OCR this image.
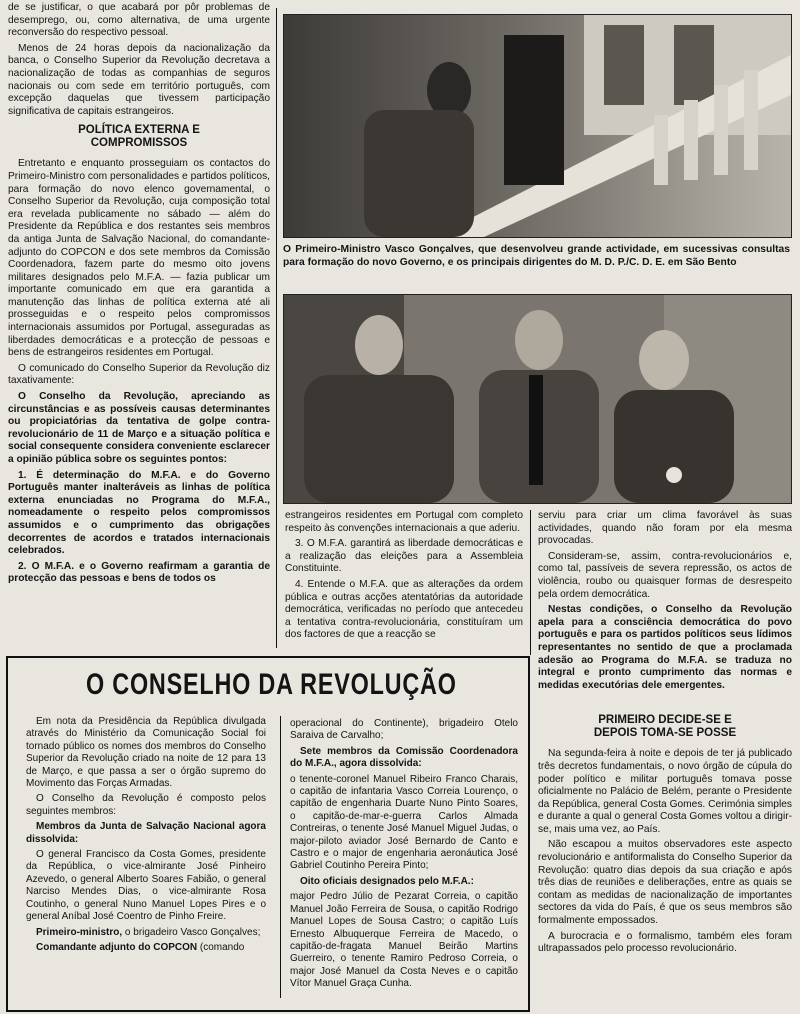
de se justificar, o que acabará por pôr problemas de desemprego, ou, como alternativa, de uma urgente reconversão do respectivo pessoal.

Menos de 24 horas depois da nacionalização da banca, o Conselho Superior da Revolução decretava a nacionalização de todas as companhias de seguros nacionais ou com sede em território português, com excepção daquelas que tivessem participação significativa de capitais estrangeiros.

POLÍTICA EXTERNA E COMPROMISSOS

Entretanto e enquanto prosseguiam os contactos do Primeiro-Ministro com personalidades e partidos políticos, para formação do novo elenco governamental, o Conselho Superior da Revolução, cuja composição total era revelada publicamente no sábado — além do Presidente da República e dos restantes seis membros da antiga Junta de Salvação Nacional, do comandante-adjunto do COPCON e dos sete membros da Comissão Coordenadora, fazem parte do mesmo oito jovens militares designados pelo M.F.A. — fazia publicar um importante comunicado em que era garantida a manutenção das linhas de política externa até ali prosseguidas e o respeito pelos compromissos internacionais assumidos por Portugal, asseguradas as liberdades democráticas e a protecção de pessoas e bens de estrangeiros residentes em Portugal.

O comunicado do Conselho Superior da Revolução diz taxativamente:

O Conselho da Revolução, apreciando as circunstâncias e as possíveis causas determinantes ou propiciatórias da tentativa de golpe contra-revolucionário de 11 de Março e a situação política e social consequente considera conveniente esclarecer a opinião pública sobre os seguintes pontos:

1. É determinação do M.F.A. e do Governo Português manter inalteráveis as linhas de política externa enunciadas no Programa do M.F.A., nomeadamente o respeito pelos compromissos assumidos e o cumprimento das obrigações decorrentes de acordos e tratados internacionais celebrados.

2. O M.F.A. e o Governo reafirmam a garantia de protecção das pessoas e bens de todos os

O Primeiro-Ministro Vasco Gonçalves, que desenvolveu grande actividade, em sucessivas consultas para formação do novo Governo, e os principais dirigentes do M. D. P./C. D. E. em São Bento

estrangeiros residentes em Portugal com completo respeito às convenções internacionais a que aderiu.

3. O M.F.A. garantirá as liberdade democráticas e a realização das eleições para a Assembleia Constituinte.

4. Entende o M.F.A. que as alterações da ordem pública e outras acções atentatórias da autoridade democrática, verificadas no período que antecedeu a tentativa contra-revolucionária, constituíram um dos factores de que a reacção se

serviu para criar um clima favorável às suas actividades, quando não foram por ela mesma provocadas.

Consideram-se, assim, contra-revolucionários e, como tal, passíveis de severa repressão, os actos de violência, roubo ou quaisquer formas de desrespeito pela ordem democrática.

Nestas condições, o Conselho da Revolução apela para a consciência democrática do povo português e para os partidos políticos seus lídimos representantes no sentido de que a proclamada adesão ao Programa do M.F.A. se traduza no integral e pronto cumprimento das normas e medidas executórias dele emergentes.

PRIMEIRO DECIDE-SE E DEPOIS TOMA-SE POSSE

Na segunda-feira à noite e depois de ter já publicado três decretos fundamentais, o novo órgão de cúpula do poder político e militar português tomava posse oficialmente no Palácio de Belém, perante o Presidente da República, general Costa Gomes. Cerimónia simples e durante a qual o general Costa Gomes voltou a dirigir-se, mais uma vez, ao País.

Não escapou a muitos observadores este aspecto revolucionário e antiformalista do Conselho Superior da Revolução: quatro dias depois da sua criação e após três dias de reuniões e deliberações, entre as quais se contam as medidas de nacionalização de importantes sectores da vida do País, é que os seus membros são formalmente empossados.

A burocracia e o formalismo, também eles foram ultrapassados pelo processo revolucionário.

O CONSELHO DA REVOLUÇÃO

Em nota da Presidência da República divulgada através do Ministério da Comunicação Social foi tornado público os nomes dos membros do Conselho Superior da Revolução criado na noite de 12 para 13 de Março, e que passa a ser o órgão supremo do Movimento das Forças Armadas.

O Conselho da Revolução é composto pelos seguintes membros:

Membros da Junta de Salvação Nacional agora dissolvida:

O general Francisco da Costa Gomes, presidente da República, o vice-almirante José Pinheiro Azevedo, o general Alberto Soares Fabião, o general Narciso Mendes Dias, o vice-almirante Rosa Coutinho, o general Nuno Manuel Lopes Pires e o general Aníbal José Coentro de Pinho Freire.

Primeiro-ministro, o brigadeiro Vasco Gonçalves;

Comandante adjunto do COPCON (comando

operacional do Continente), brigadeiro Otelo Saraiva de Carvalho;

Sete membros da Comissão Coordenadora do M.F.A., agora dissolvida:

o tenente-coronel Manuel Ribeiro Franco Charais, o capitão de infantaria Vasco Correia Lourenço, o capitão de engenharia Duarte Nuno Pinto Soares, o capitão-de-mar-e-guerra Carlos Almada Contreiras, o tenente José Manuel Miguel Judas, o major-piloto aviador José Bernardo de Canto e Castro e o major de engenharia aeronáutica José Gabriel Coutinho Pereira Pinto;

Oito oficiais designados pelo M.F.A.:

major Pedro Júlio de Pezarat Correia, o capitão Manuel João Ferreira de Sousa, o capitão Rodrigo Manuel Lopes de Sousa Castro; o capitão Luís Ernesto Albuquerque Ferreira de Macedo, o capitão-de-fragata Manuel Beirão Martins Guerreiro, o tenente Ramiro Pedroso Correia, o major José Manuel da Costa Neves e o capitão Vítor Manuel Graça Cunha.
